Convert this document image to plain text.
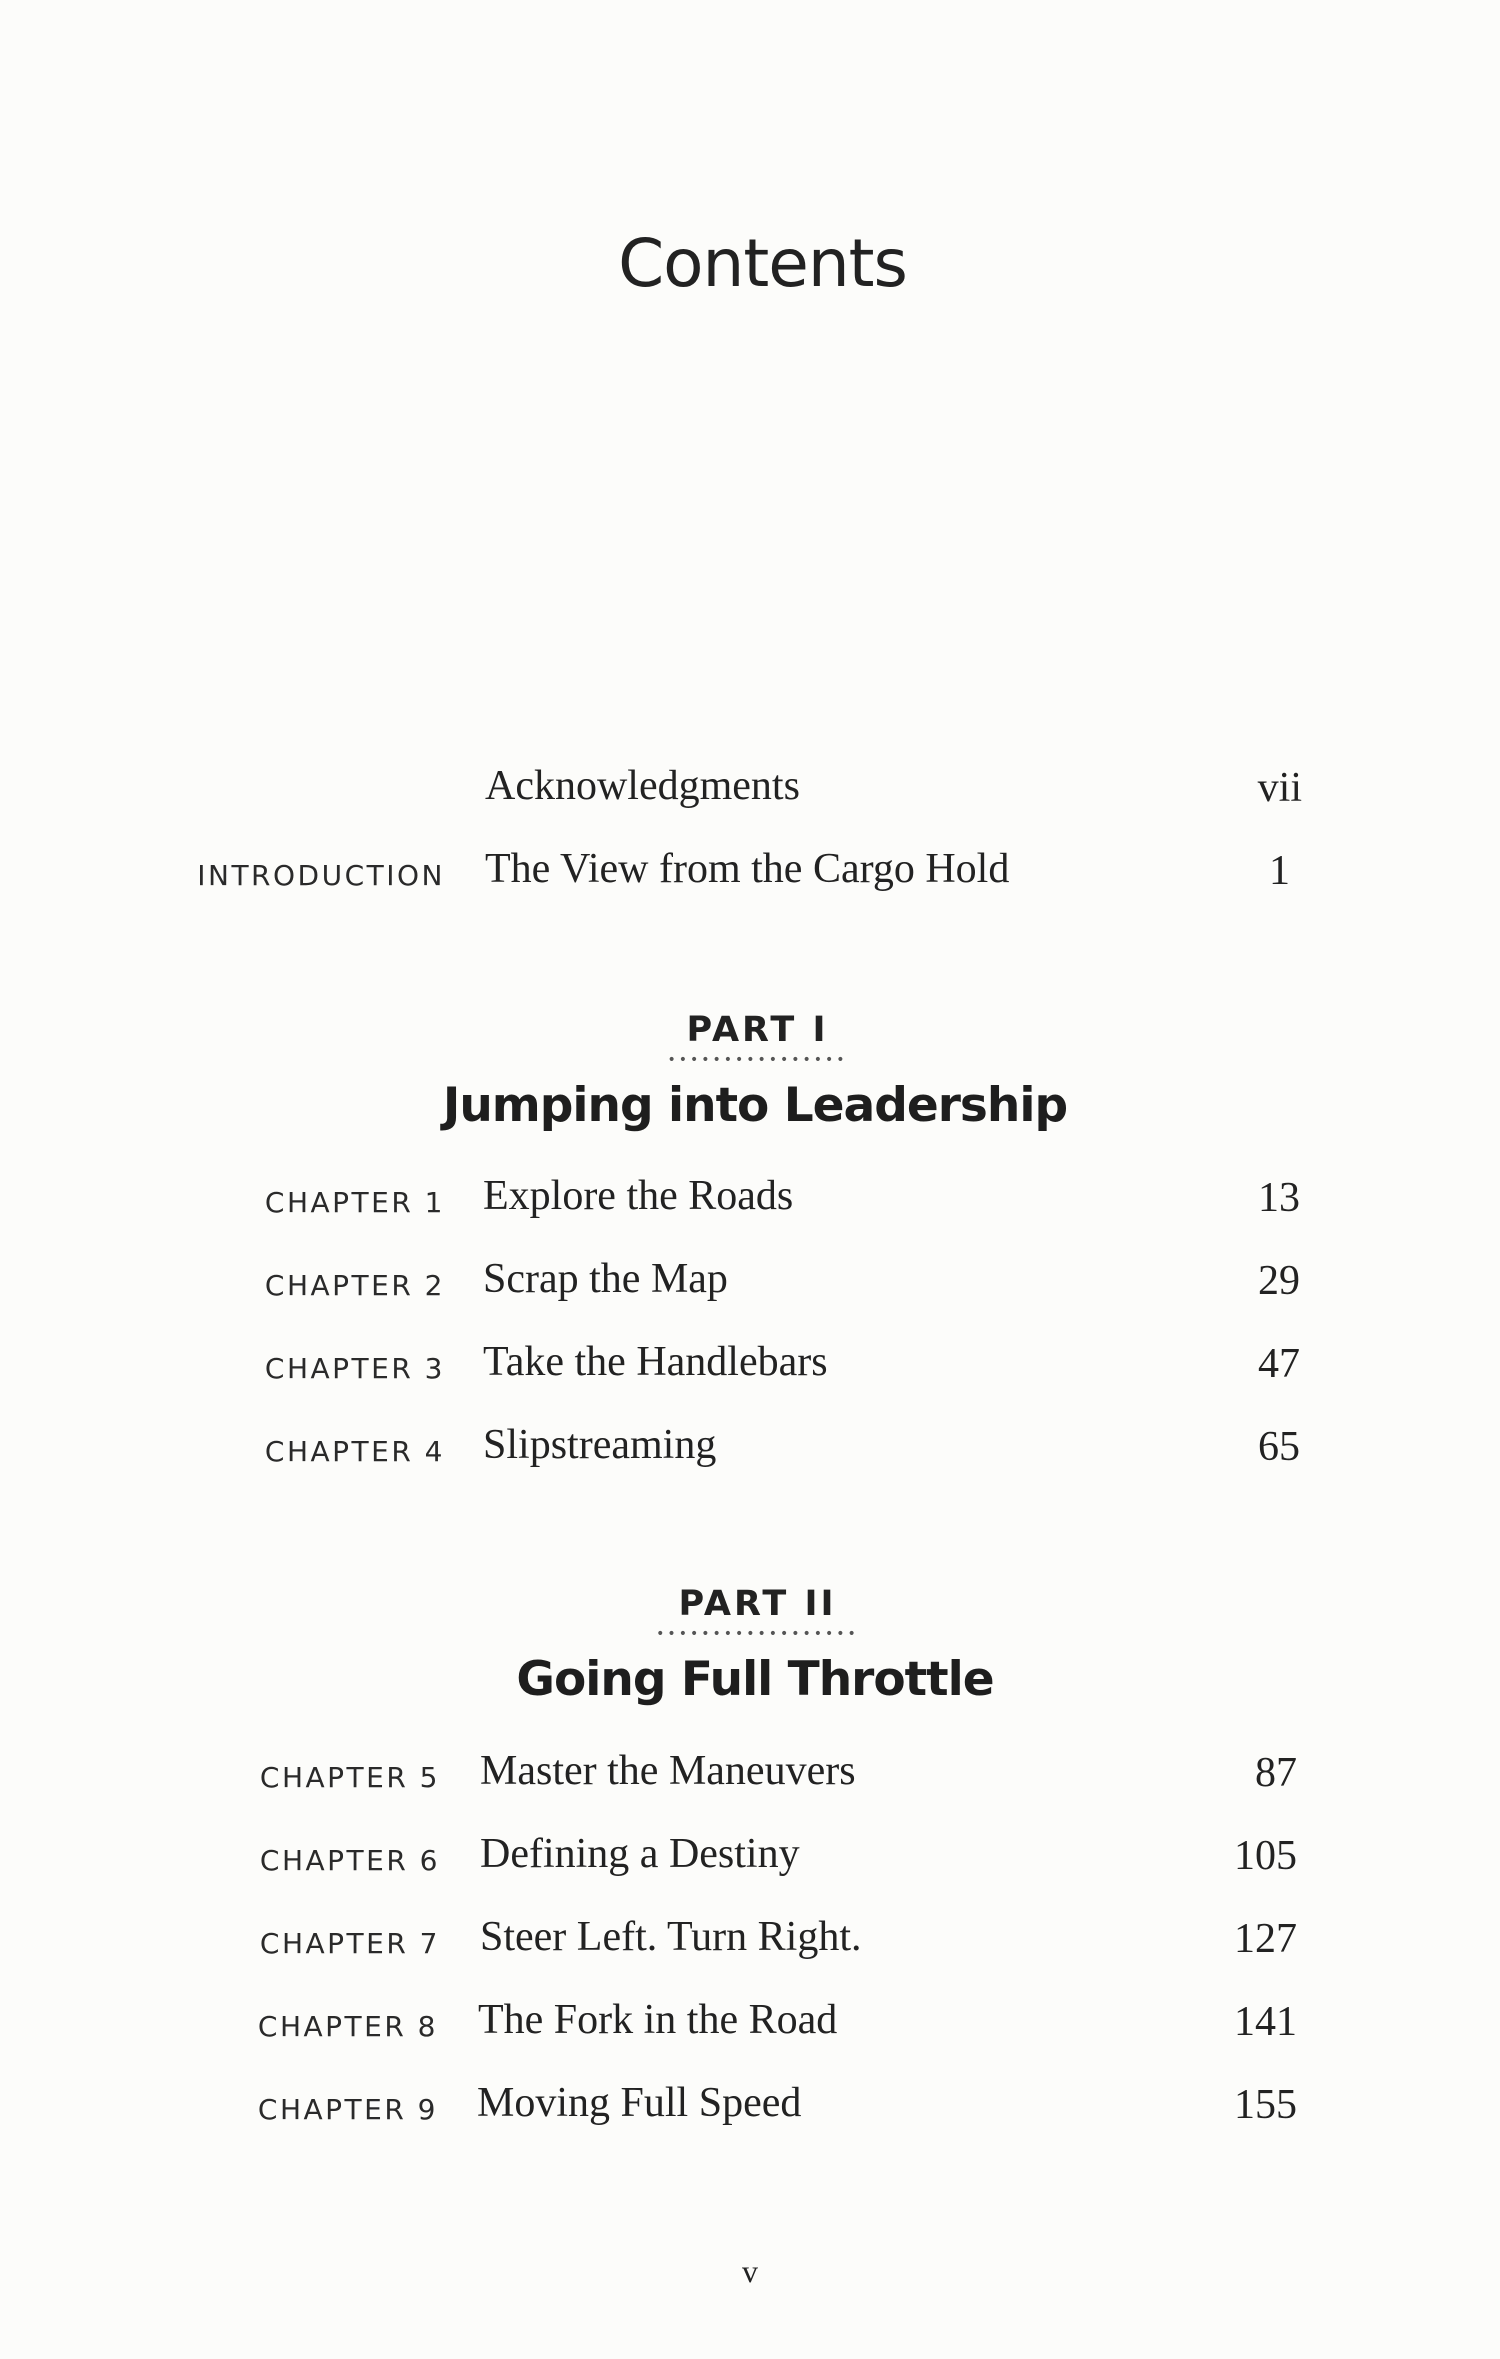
Contents
Acknowledgments	vii
INTRODUCTION The View from the Cargo Hold	1
PART I
••••••••••••••••
Jumping into Leadership
CHAPTER 1 Explore the Roads	13
CHAPTER 2 Scrap the Map	29
CHAPTER 3 Take the Handlebars	47
CHAPTER 4 Slipstreaming	65
PART II
••••••••••••••••••
Going Full Throttle
CHAPTER 5 Master the Maneuvers	87
CHAPTER 6 Defining a Destiny	105
CHAPTER 7 Steer Left. Turn Right.	127
CHAPTER 8 The Fork in the Road	141
CHAPTER 9 Moving Full Speed	155
v
